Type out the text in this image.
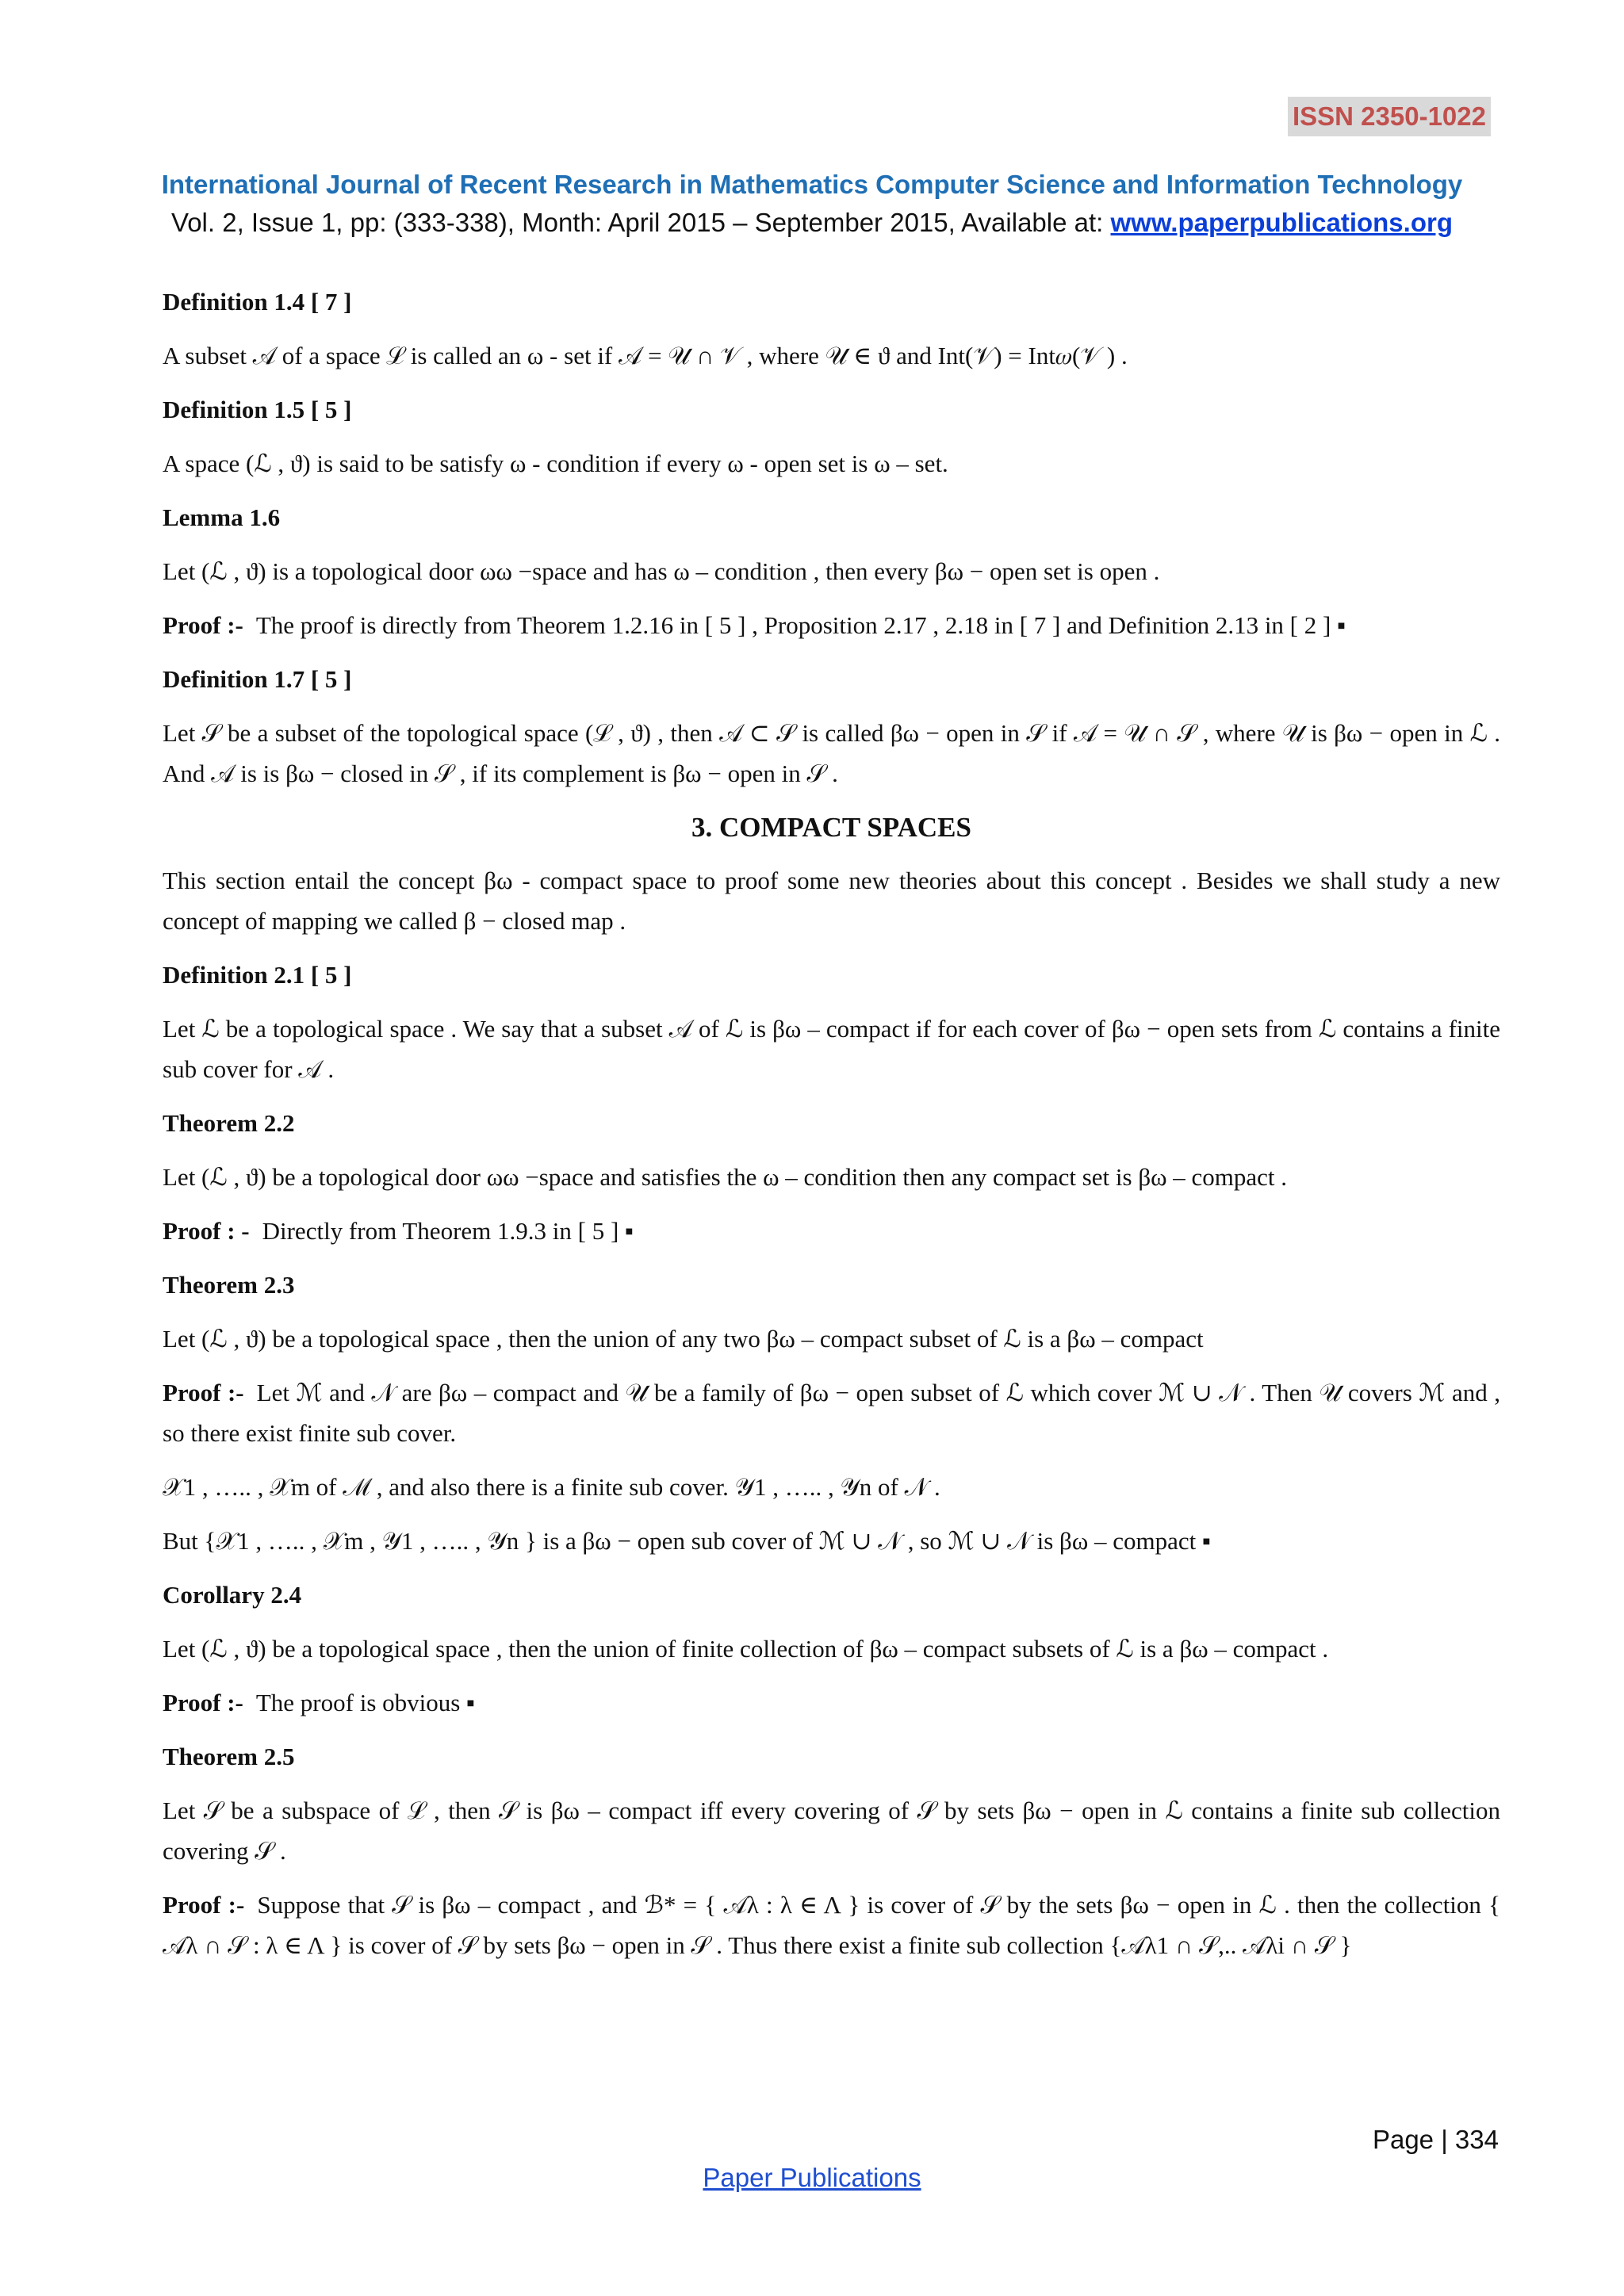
ISSN 2350-1022
International Journal of Recent Research in Mathematics Computer Science and Information Technology
Vol. 2, Issue 1, pp: (333-338), Month: April 2015 – September 2015, Available at: www.paperpublications.org
Definition 1.4 [ 7 ]
A subset 𝒜 of a space ℒ is called an ω - set if 𝒜 = 𝒰 ∩ 𝒱 , where 𝒰 ∈ ϑ and Int(𝒱) = Int𝜔(𝒱 ) .
Definition 1.5 [ 5 ]
A space (ℒ , ϑ) is said to be satisfy ω - condition if every ω - open set is ω – set.
Lemma 1.6
Let (ℒ , ϑ) is a topological door ωω −space and has ω – condition , then every βω − open set is open .
Proof :- The proof is directly from Theorem 1.2.16 in [ 5 ] , Proposition 2.17 , 2.18 in [ 7 ] and Definition 2.13 in [ 2 ] ▪
Definition 1.7 [ 5 ]
Let 𝒮 be a subset of the topological space (ℒ , ϑ) , then 𝒜 ⊂ 𝒮 is called βω − open in 𝒮 if 𝒜 = 𝒰 ∩ 𝒮 , where 𝒰 is βω − open in ℒ . And 𝒜 is is βω − closed in 𝒮 , if its complement is βω − open in 𝒮 .
3. COMPACT SPACES
This section entail the concept βω - compact space to proof some new theories about this concept . Besides we shall study a new concept of mapping we called β − closed map .
Definition 2.1 [ 5 ]
Let ℒ be a topological space . We say that a subset 𝒜 of ℒ is βω – compact if for each cover of βω − open sets from ℒ contains a finite sub cover for 𝒜 .
Theorem 2.2
Let (ℒ , ϑ) be a topological door ωω −space and satisfies the ω – condition then any compact set is βω – compact .
Proof : - Directly from Theorem 1.9.3 in [ 5 ] ▪
Theorem 2.3
Let (ℒ , ϑ) be a topological space , then the union of any two βω – compact subset of ℒ is a βω – compact
Proof :- Let ℳ and 𝒩 are βω – compact and 𝒰 be a family of βω − open subset of ℒ which cover ℳ ∪ 𝒩 . Then 𝒰 covers ℳ and , so there exist finite sub cover.
𝒳1 , ….. , 𝒳m of ℳ , and also there is a finite sub cover. 𝒴1 , ….. , 𝒴n of 𝒩 .
But {𝒳1 , ….. , 𝒳m , 𝒴1 , ….. , 𝒴n } is a βω − open sub cover of ℳ ∪ 𝒩 , so ℳ ∪ 𝒩 is βω – compact ▪
Corollary 2.4
Let (ℒ , ϑ) be a topological space , then the union of finite collection of βω – compact subsets of ℒ is a βω – compact .
Proof :- The proof is obvious ▪
Theorem 2.5
Let 𝒮 be a subspace of ℒ , then 𝒮 is βω – compact iff every covering of 𝒮 by sets βω − open in ℒ contains a finite sub collection covering 𝒮 .
Proof :- Suppose that 𝒮 is βω – compact , and ℬ* = { 𝒜λ : λ ∈ Λ } is cover of 𝒮 by the sets βω − open in ℒ . then the collection { 𝒜λ ∩ 𝒮 : λ ∈ Λ } is cover of 𝒮 by sets βω − open in 𝒮 . Thus there exist a finite sub collection {𝒜λ1 ∩ 𝒮,.. 𝒜λi ∩ 𝒮 }
Page | 334
Paper Publications
